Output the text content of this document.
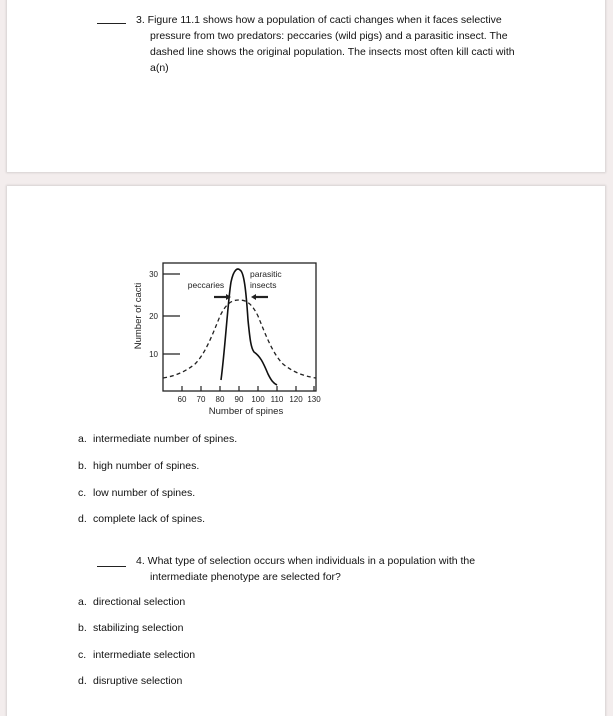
3. Figure 11.1 shows how a population of cacti changes when it faces selective pressure from two predators: peccaries (wild pigs) and a parasitic insect. The dashed line shows the original population. The insects most often kill cacti with a(n)
30
20
10
60 70 80 90 100 110 120 130
Number of spines
Number of cacti	peccaries
parasitic
insects
a. intermediate number of spines.
b. high number of spines.
c. low number of spines.
d. complete lack of spines.
4. What type of selection occurs when individuals in a population with the intermediate phenotype are selected for?
a. directional selection
b. stabilizing selection
c. intermediate selection
d. disruptive selection
